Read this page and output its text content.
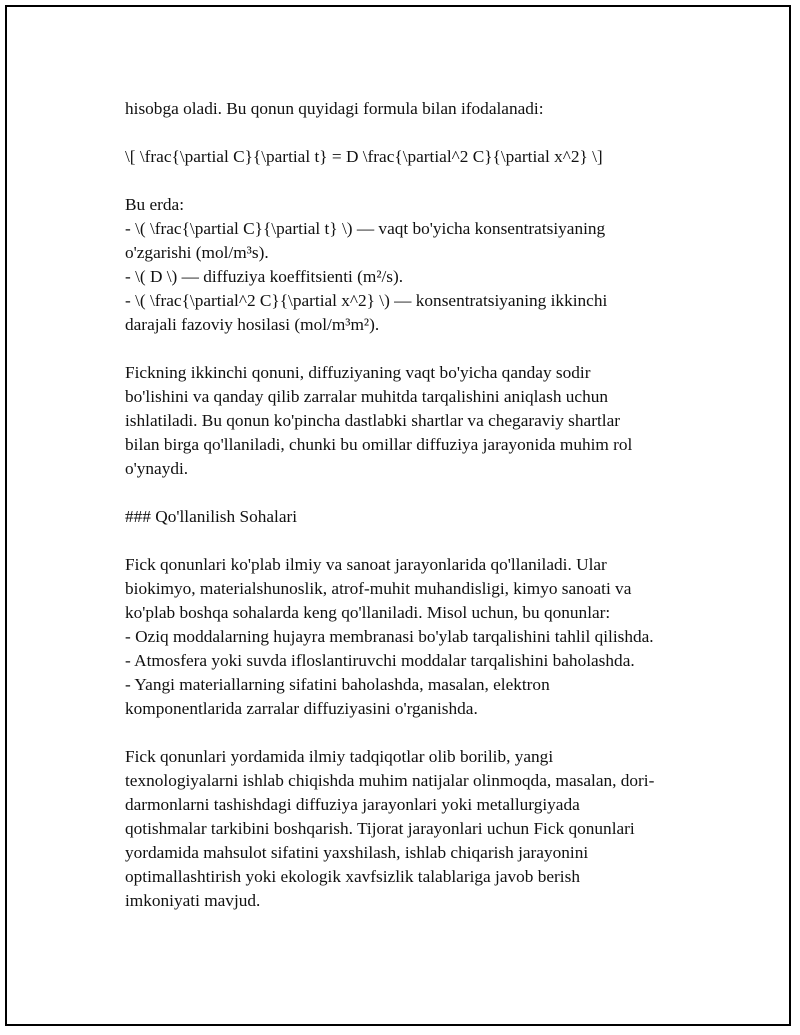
hisobga oladi. Bu qonun quyidagi formula bilan ifodalanadi:
\[ \frac{\partial C}{\partial t} = D \frac{\partial^2 C}{\partial x^2} \]
Bu erda:
- \( \frac{\partial C}{\partial t} \) — vaqt bo'yicha konsentratsiyaning
o'zgarishi (mol/m³s).
- \( D \) — diffuziya koeffitsienti (m²/s).
- \( \frac{\partial^2 C}{\partial x^2} \) — konsentratsiyaning ikkinchi
darajali fazoviy hosilasi (mol/m³m²).
Fickning ikkinchi qonuni, diffuziyaning vaqt bo'yicha qanday sodir
bo'lishini va qanday qilib zarralar muhitda tarqalishini aniqlash uchun
ishlatiladi. Bu qonun ko'pincha dastlabki shartlar va chegaraviy shartlar
bilan birga qo'llaniladi, chunki bu omillar diffuziya jarayonida muhim rol
o'ynaydi.
### Qo'llanilish Sohalari
Fick qonunlari ko'plab ilmiy va sanoat jarayonlarida qo'llaniladi. Ular
biokimyo, materialshunoslik, atrof-muhit muhandisligi, kimyo sanoati va
ko'plab boshqa sohalarda keng qo'llaniladi. Misol uchun, bu qonunlar:
- Oziq moddalarning hujayra membranasi bo'ylab tarqalishini tahlil qilishda.
- Atmosfera yoki suvda ifloslantiruvchi moddalar tarqalishini baholashda.
- Yangi materiallarning sifatini baholashda, masalan, elektron
komponentlarida zarralar diffuziyasini o'rganishda.
Fick qonunlari yordamida ilmiy tadqiqotlar olib borilib, yangi
texnologiyalarni ishlab chiqishda muhim natijalar olinmoqda, masalan, dori-
darmonlarni tashishdagi diffuziya jarayonlari yoki metallurgiyada
qotishmalar tarkibini boshqarish. Tijorat jarayonlari uchun Fick qonunlari
yordamida mahsulot sifatini yaxshilash, ishlab chiqarish jarayonini
optimallashtirish yoki ekologik xavfsizlik talablariga javob berish
imkoniyati mavjud.
